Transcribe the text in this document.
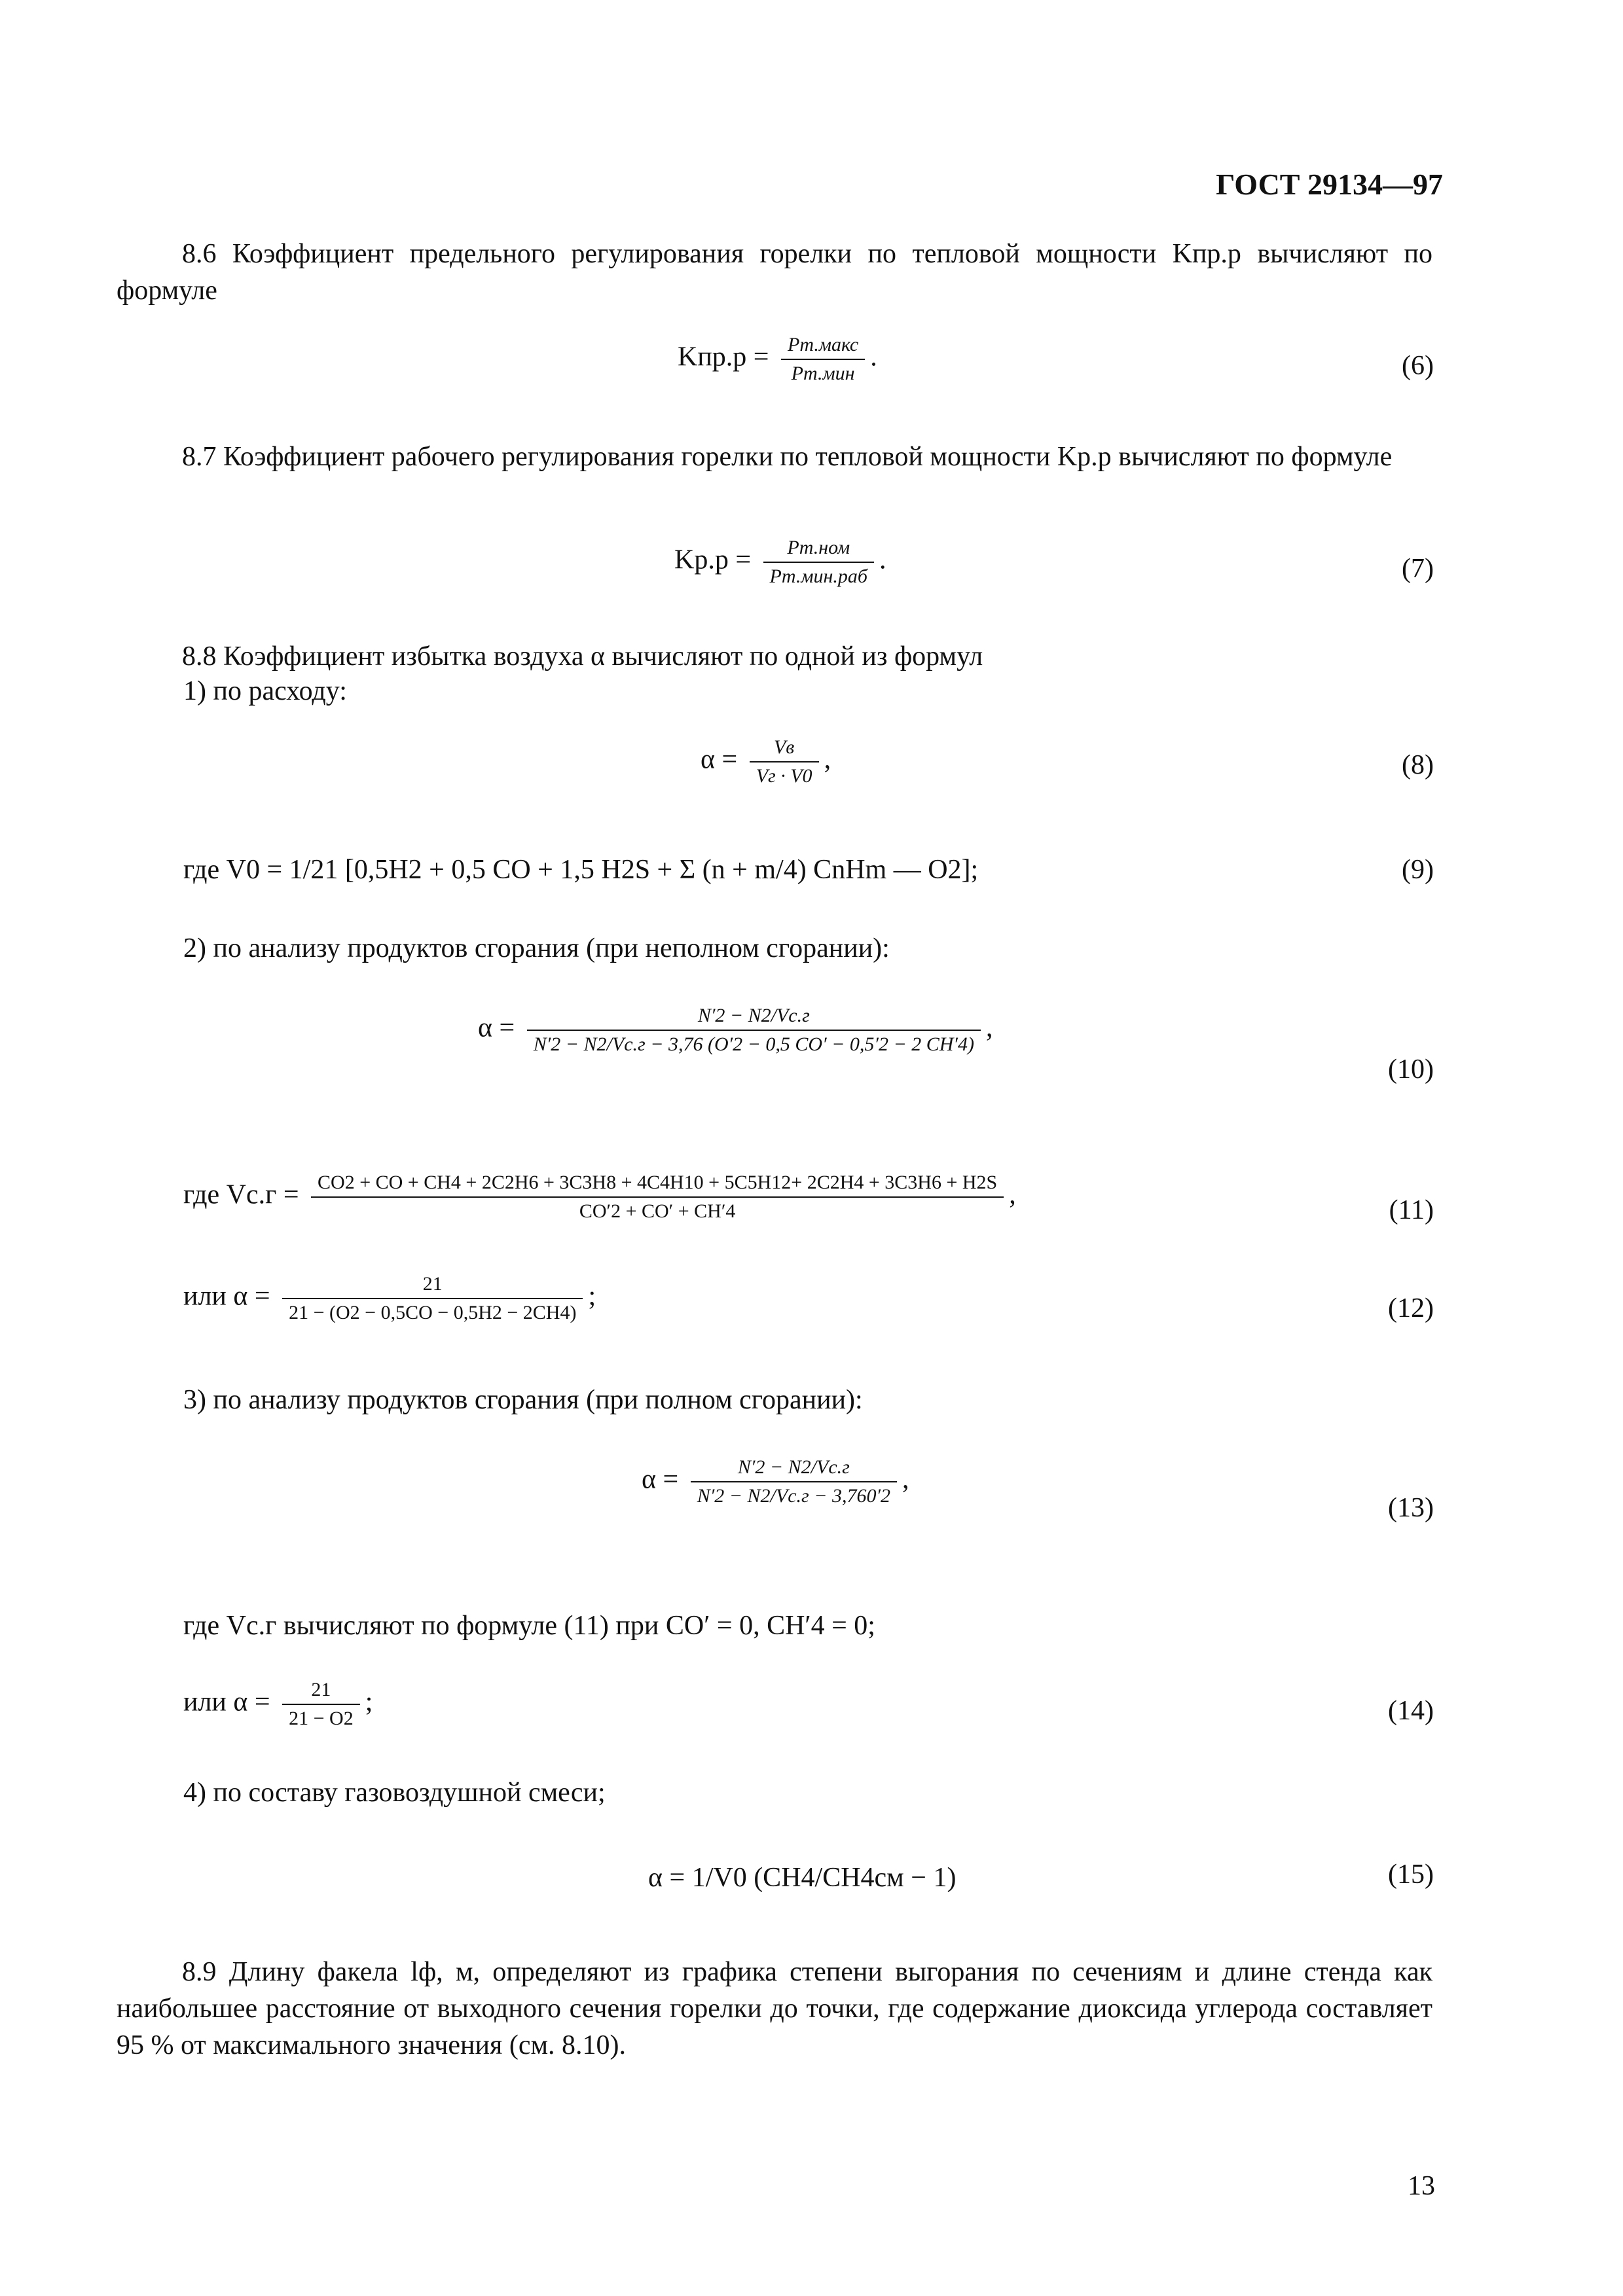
ГОСТ 29134—97
8.6 Коэффициент предельного регулирования горелки по тепловой мощности Kпр.р вычисляют по формуле
$Kпр.р = \frac{\text{Pт.макс}}{\text{Pт.мин}}$ .	(6)
8.7 Коэффициент рабочего регулирования горелки по тепловой мощности Kр.р вычисляют по формуле
$Kр.р = \frac{\text{Pт.ном}}{\text{Pт.мин.раб}}$ .	(7)
8.8 Коэффициент избытка воздуха α вычисляют по одной из формул
1) по расходу:
$\alpha = \frac{Vв}{Vг \cdot V0}$ ,	(8)
где V0 = 1/21 [0,5H2 + 0,5 CO + 1,5 H2S + Σ (n + m/4) CnHm — O2];	(9)
2) по анализу продуктов сгорания (при неполном сгорании):
$\alpha = \frac{N'2 - N2/Vс.г}{N'2 - N2/Vс.г - 3,76 (O'2 - 0,5 CO' - 0,5'2 - 2 CH'4)}$ ,
(10)
где Vс.г = CO2 + CO + CH4 + 2C2H6 + 3C3H8 + 4C4H10 + 5C5H12+ 2C2H4 + 3C3H6 + H2S
CO′2 + CO′ + CH′4
,
(11)
или $\alpha = \frac{21}{21 - (O2 - 0,5CO - 0,5H2 - 2CH4)}$ ;	(12)
3) по анализу продуктов сгорания (при полном сгорании):
$\alpha = \frac{N'2 - N2/Vс.г}{N'2 - N2/Vс.г - 3,760'2}$ ,
(13)
где Vс.г вычисляют по формуле (11) при CO′ = 0, CH′4 = 0;
или $\alpha = \frac{21}{21 - O2}$ ;	(14)
4) по составу газовоздушной смеси;
α = 1/V0 (CH4/CH4см − 1)	(15)
8.9 Длину факела lф, м, определяют из графика степени выгорания по сечениям и длине стенда как наибольшее расстояние от выходного сечения горелки до точки, где содержание диоксида углерода составляет 95 % от максимального значения (см. 8.10).
13
